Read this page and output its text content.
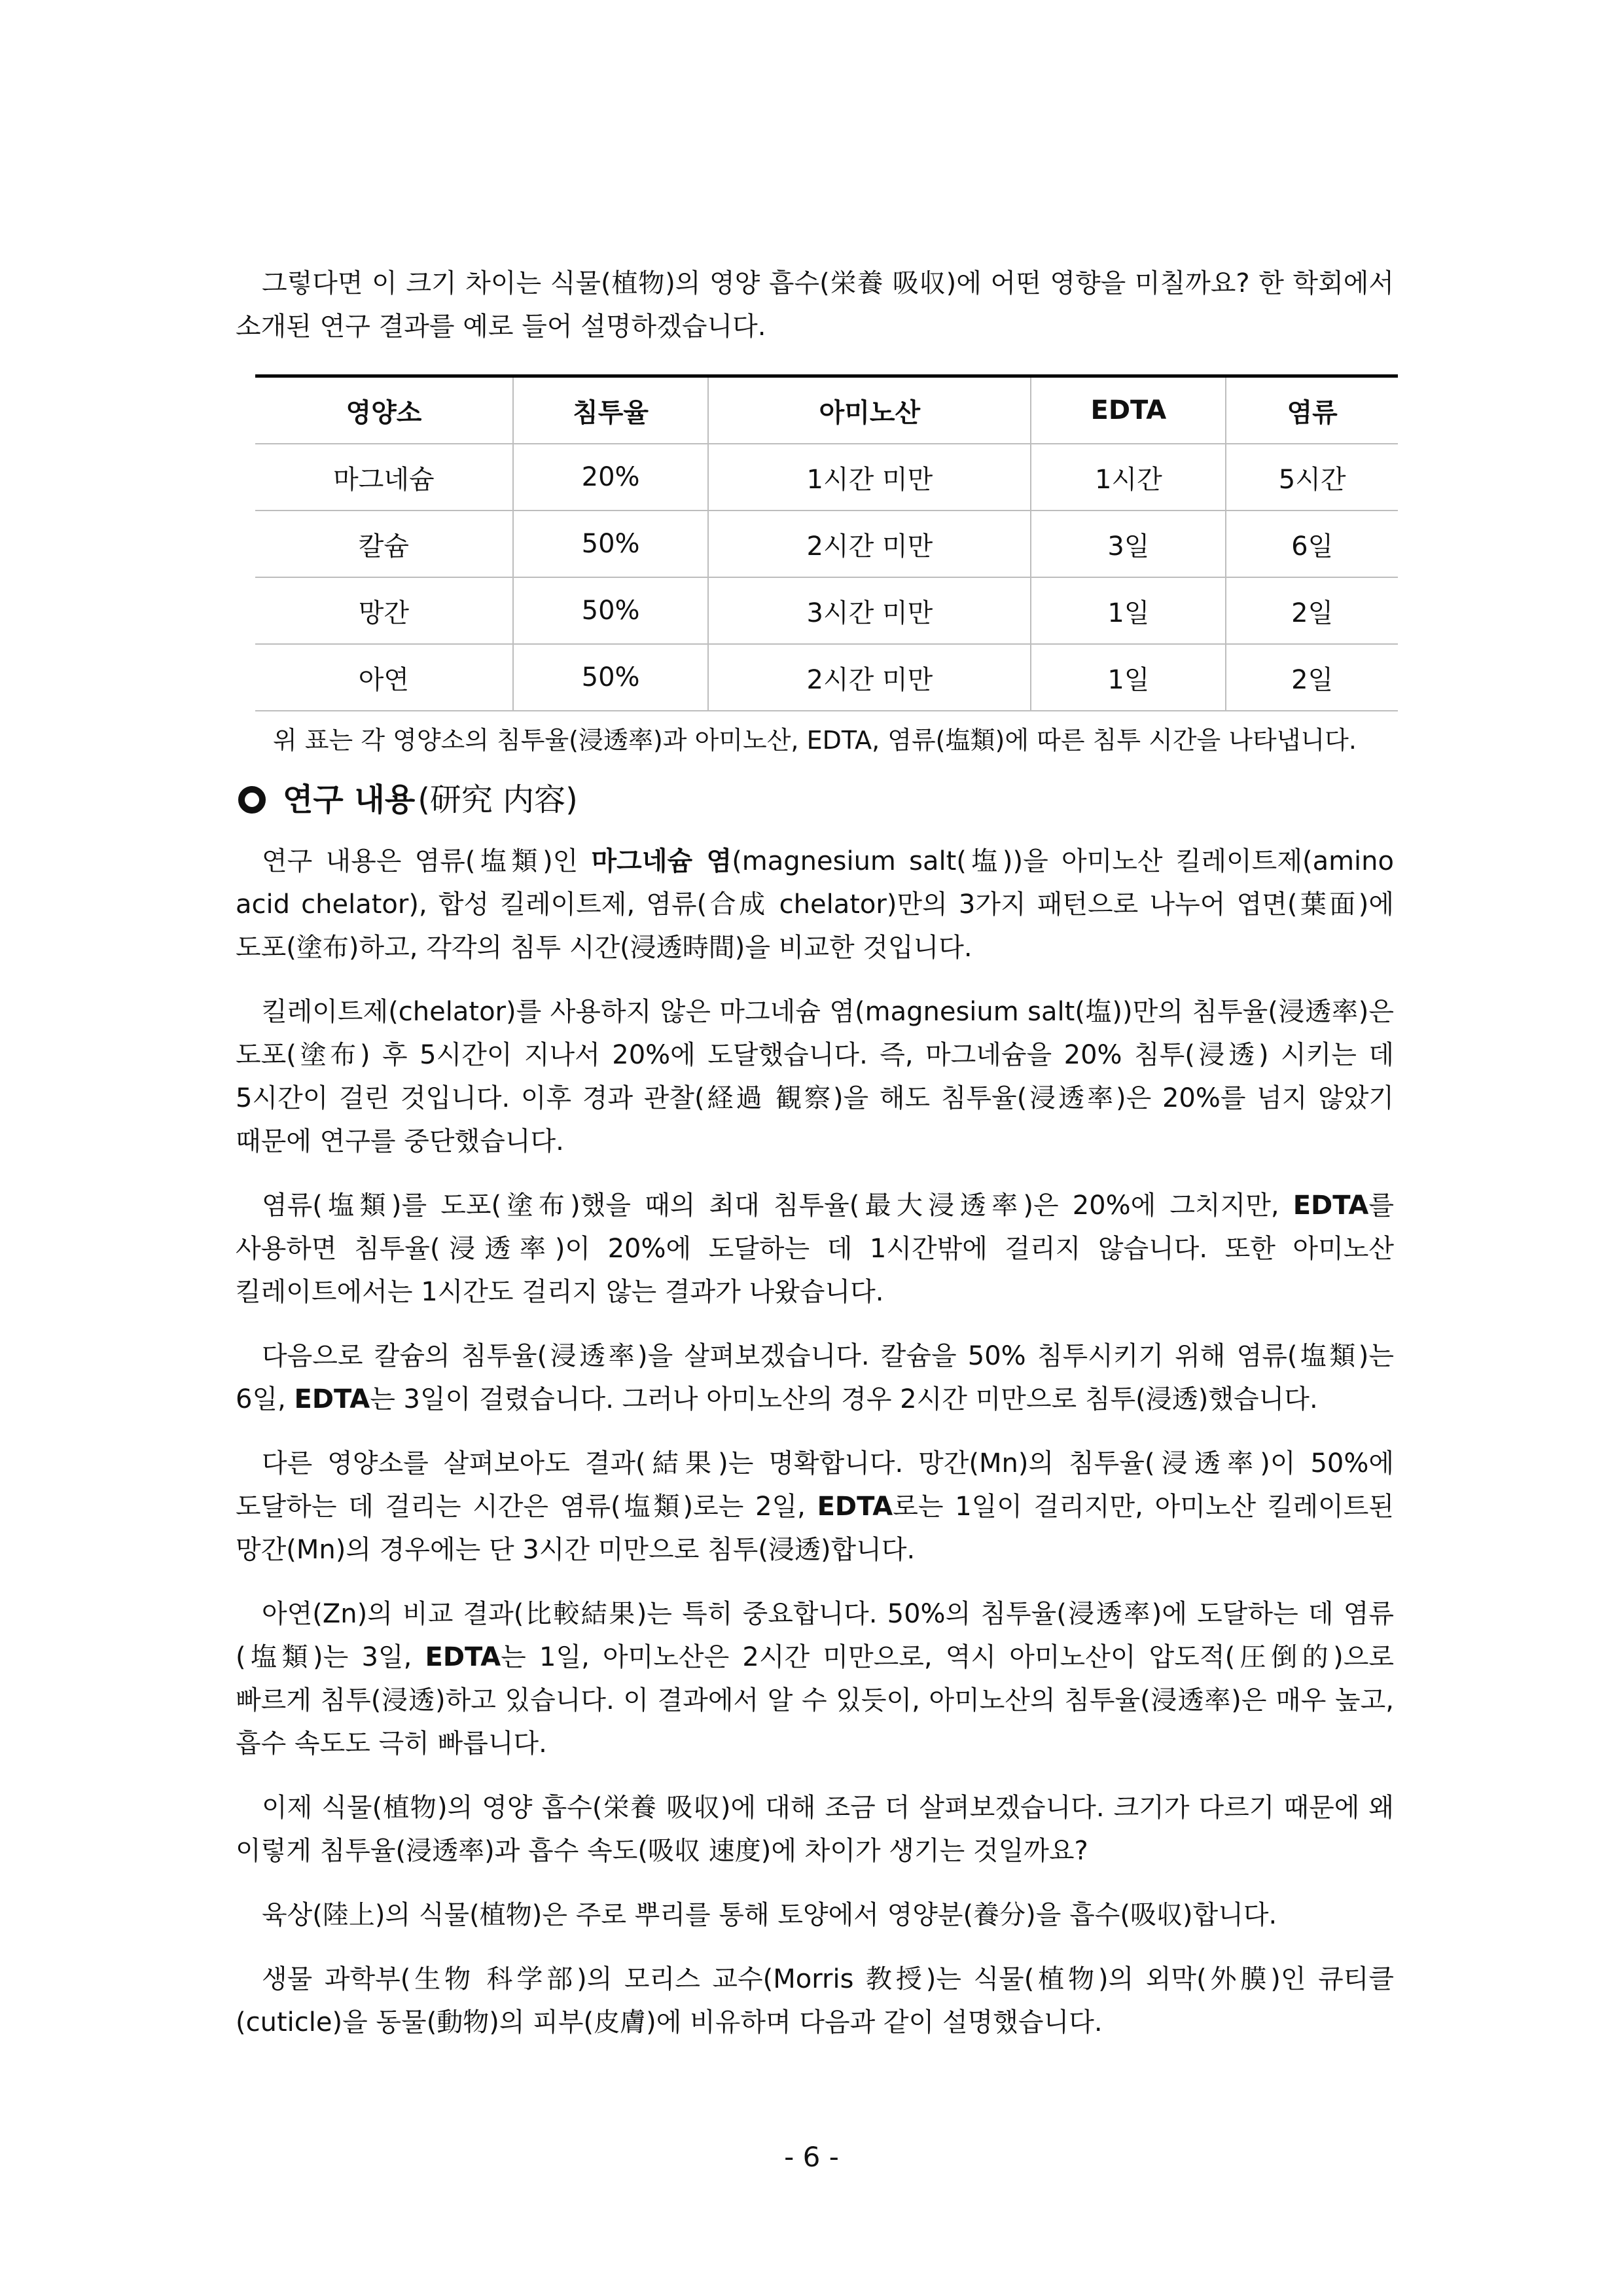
그렇다면 이 크기 차이는 식물(植物)의 영양 흡수(栄養 吸収)에 어떤 영향을 미칠까요? 한 학회에서 소개된 연구 결과를 예로 들어 설명하겠습니다.

영양소	침투율	아미노산	EDTA	염류
마그네슘	20%	1시간 미만	1시간	5시간
칼슘	50%	2시간 미만	3일	6일
망간	50%	3시간 미만	1일	2일
아연	50%	2시간 미만	1일	2일
위 표는 각 영양소의 침투율(浸透率)과 아미노산, EDTA, 염류(塩類)에 따른 침투 시간을 나타냅니다.
연구 내용 (研究 内容)

연구 내용은 염류(塩類)인 마그네슘 염(magnesium salt(塩))을 아미노산 킬레이트제(amino acid chelator), 합성 킬레이트제, 염류(合成 chelator)만의 3가지 패턴으로 나누어 엽면(葉面)에 도포(塗布)하고, 각각의 침투 시간(浸透時間)을 비교한 것입니다.

킬레이트제(chelator)를 사용하지 않은 마그네슘 염(magnesium salt(塩))만의 침투율(浸透率)은 도포(塗布) 후 5시간이 지나서 20%에 도달했습니다. 즉, 마그네슘을 20% 침투(浸透) 시키는 데 5시간이 걸린 것입니다. 이후 경과 관찰(経過 観察)을 해도 침투율(浸透率)은 20%를 넘지 않았기 때문에 연구를 중단했습니다.

염류(塩類)를 도포(塗布)했을 때의 최대 침투율(最大浸透率)은 20%에 그치지만, EDTA를 사용하면 침투율(浸透率)이 20%에 도달하는 데 1시간밖에 걸리지 않습니다. 또한 아미노산 킬레이트에서는 1시간도 걸리지 않는 결과가 나왔습니다.

다음으로 칼슘의 침투율(浸透率)을 살펴보겠습니다. 칼슘을 50% 침투시키기 위해 염류(塩類)는 6일, EDTA는 3일이 걸렸습니다. 그러나 아미노산의 경우 2시간 미만으로 침투(浸透)했습니다.

다른 영양소를 살펴보아도 결과(結果)는 명확합니다. 망간(Mn)의 침투율(浸透率)이 50%에 도달하는 데 걸리는 시간은 염류(塩類)로는 2일, EDTA로는 1일이 걸리지만, 아미노산 킬레이트된 망간(Mn)의 경우에는 단 3시간 미만으로 침투(浸透)합니다.

아연(Zn)의 비교 결과(比較結果)는 특히 중요합니다. 50%의 침투율(浸透率)에 도달하는 데 염류(塩類)는 3일, EDTA는 1일, 아미노산은 2시간 미만으로, 역시 아미노산이 압도적(圧倒的)으로 빠르게 침투(浸透)하고 있습니다. 이 결과에서 알 수 있듯이, 아미노산의 침투율(浸透率)은 매우 높고, 흡수 속도도 극히 빠릅니다.

이제 식물(植物)의 영양 흡수(栄養 吸収)에 대해 조금 더 살펴보겠습니다. 크기가 다르기 때문에 왜 이렇게 침투율(浸透率)과 흡수 속도(吸収 速度)에 차이가 생기는 것일까요?

육상(陸上)의 식물(植物)은 주로 뿌리를 통해 토양에서 영양분(養分)을 흡수(吸収)합니다.

생물 과학부(生物 科学部)의 모리스 교수(Morris 教授)는 식물(植物)의 외막(外膜)인 큐티클(cuticle)을 동물(動物)의 피부(皮膚)에 비유하며 다음과 같이 설명했습니다.

- 6 -
